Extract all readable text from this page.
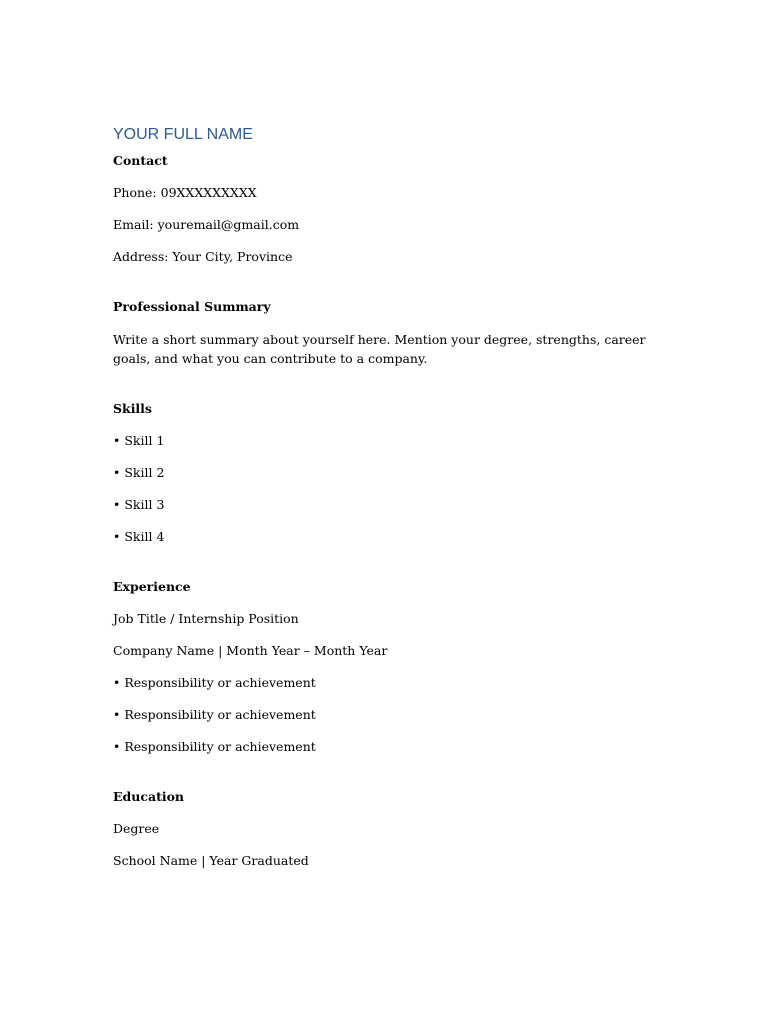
YOUR FULL NAME
Contact
Phone: 09XXXXXXXXX
Email: youremail@gmail.com
Address: Your City, Province
Professional Summary
Write a short summary about yourself here. Mention your degree, strengths, career goals, and what you can contribute to a company.
Skills
• Skill 1
• Skill 2
• Skill 3
• Skill 4
Experience
Job Title / Internship Position
Company Name | Month Year – Month Year
• Responsibility or achievement
• Responsibility or achievement
• Responsibility or achievement
Education
Degree
School Name | Year Graduated
